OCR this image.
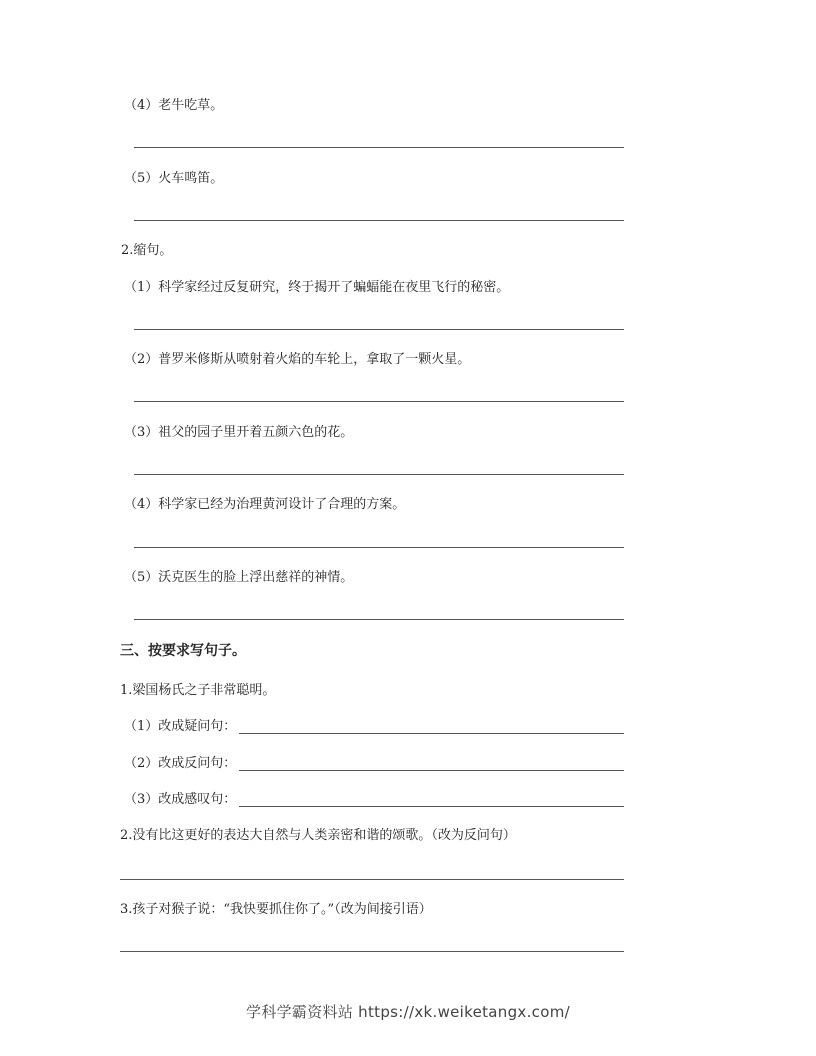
（4）老牛吃草。
（5）火车鸣笛。
2.缩句。
（1）科学家经过反复研究，终于揭开了蝙蝠能在夜里飞行的秘密。
（2）普罗米修斯从喷射着火焰的车轮上，拿取了一颗火星。
（3）祖父的园子里开着五颜六色的花。
（4）科学家已经为治理黄河设计了合理的方案。
（5）沃克医生的脸上浮出慈祥的神情。
三、按要求写句子。
1.梁国杨氏之子非常聪明。
（1）改成疑问句：
（2）改成反问句：
（3）改成感叹句：
2.没有比这更好的表达大自然与人类亲密和谐的颂歌。（改为反问句）
3.孩子对猴子说：“我快要抓住你了。”（改为间接引语）
学科学霸资料站 https://xk.weiketangx.com/
